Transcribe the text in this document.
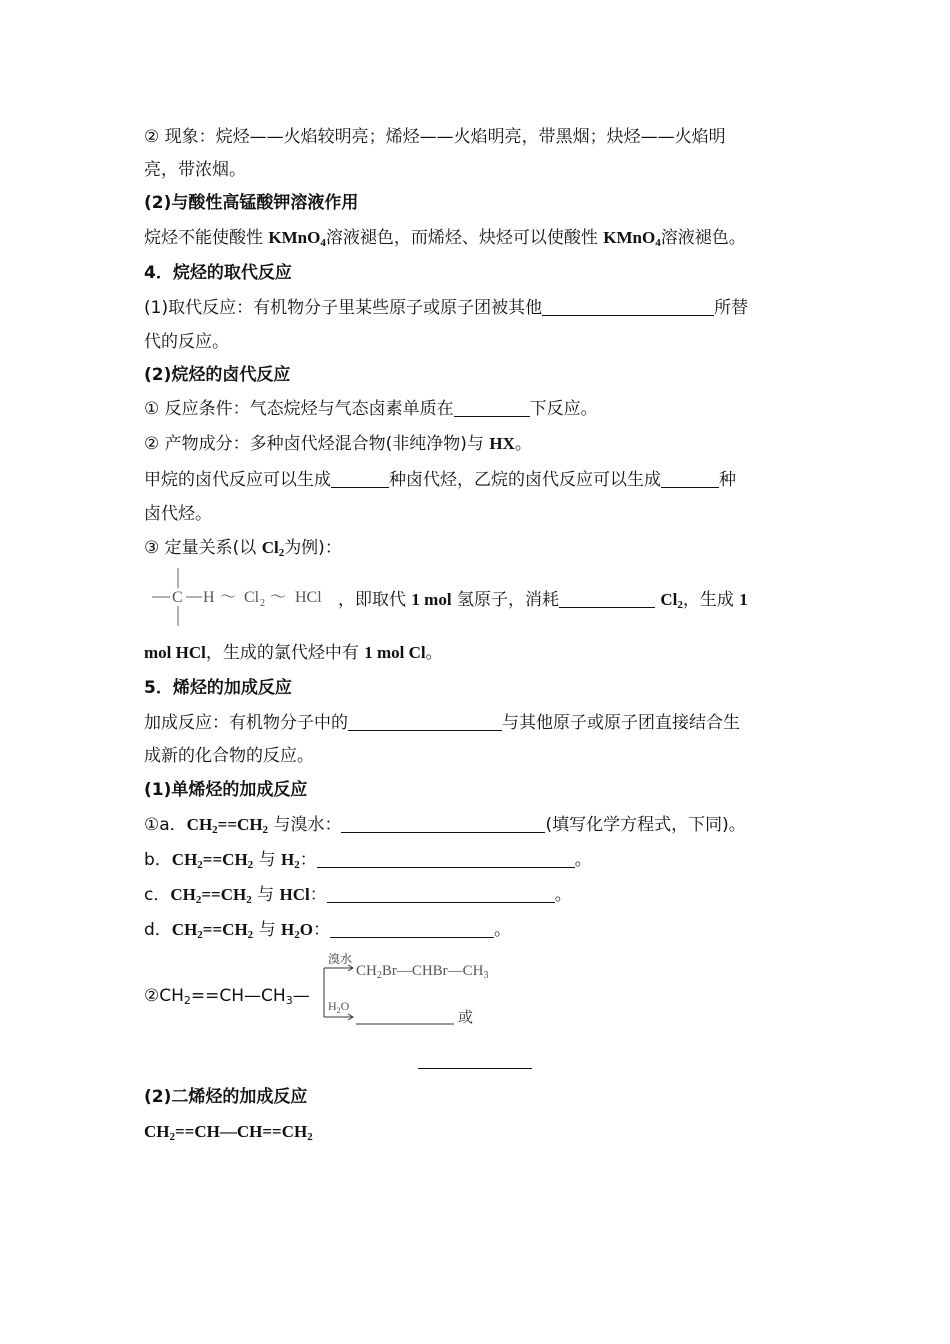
② 现象：烷烃——火焰较明亮；烯烃——火焰明亮，带黑烟；炔烃——火焰明
亮，带浓烟。
(2)与酸性高锰酸钾溶液作用
烷烃不能使酸性 KMnO$_4$溶液褪色，而烯烃、炔烃可以使酸性 KMnO$_4$溶液褪色。
4．烷烃的取代反应
(1)取代反应：有机物分子里某些原子或原子团被其他	所替
代的反应。
(2)烷烃的卤代反应
① 反应条件：气态烷烃与气态卤素单质在	下反应。
② 产物成分：多种卤代烃混合物(非纯净物)与 HX。
甲烷的卤代反应可以生成	种卤代烃，乙烷的卤代反应可以生成	种
卤代烃。
③ 定量关系(以 $Cl_2$为例)：
C H ～ Cl 2 ～ HCl ，即取代 1 mol 氢原子，消耗	$Cl_2$，生成 1
mol HCl，生成的氯代烃中有 1 mol Cl。
5．烯烃的加成反应
加成反应：有机物分子中的	与其他原子或原子团直接结合生
成新的化合物的反应。
(1)单烯烃的加成反应
①a．$CH_2==CH_2$ 与溴水：	(填写化学方程式，下同)。
b．$CH_2==CH_2$ 与 $H_2$：	。
c．$CH_2==CH_2$ 与 HCl：	。
d．$CH_2==CH_2$ 与 $H_2O$：	。
$②CH_2==CH—CH_3—$
溴水
$CH_2Br—CHBr—CH_3$
$H_2O$
或
(2)二烯烃的加成反应
$CH_2==CH—CH==CH_2$
